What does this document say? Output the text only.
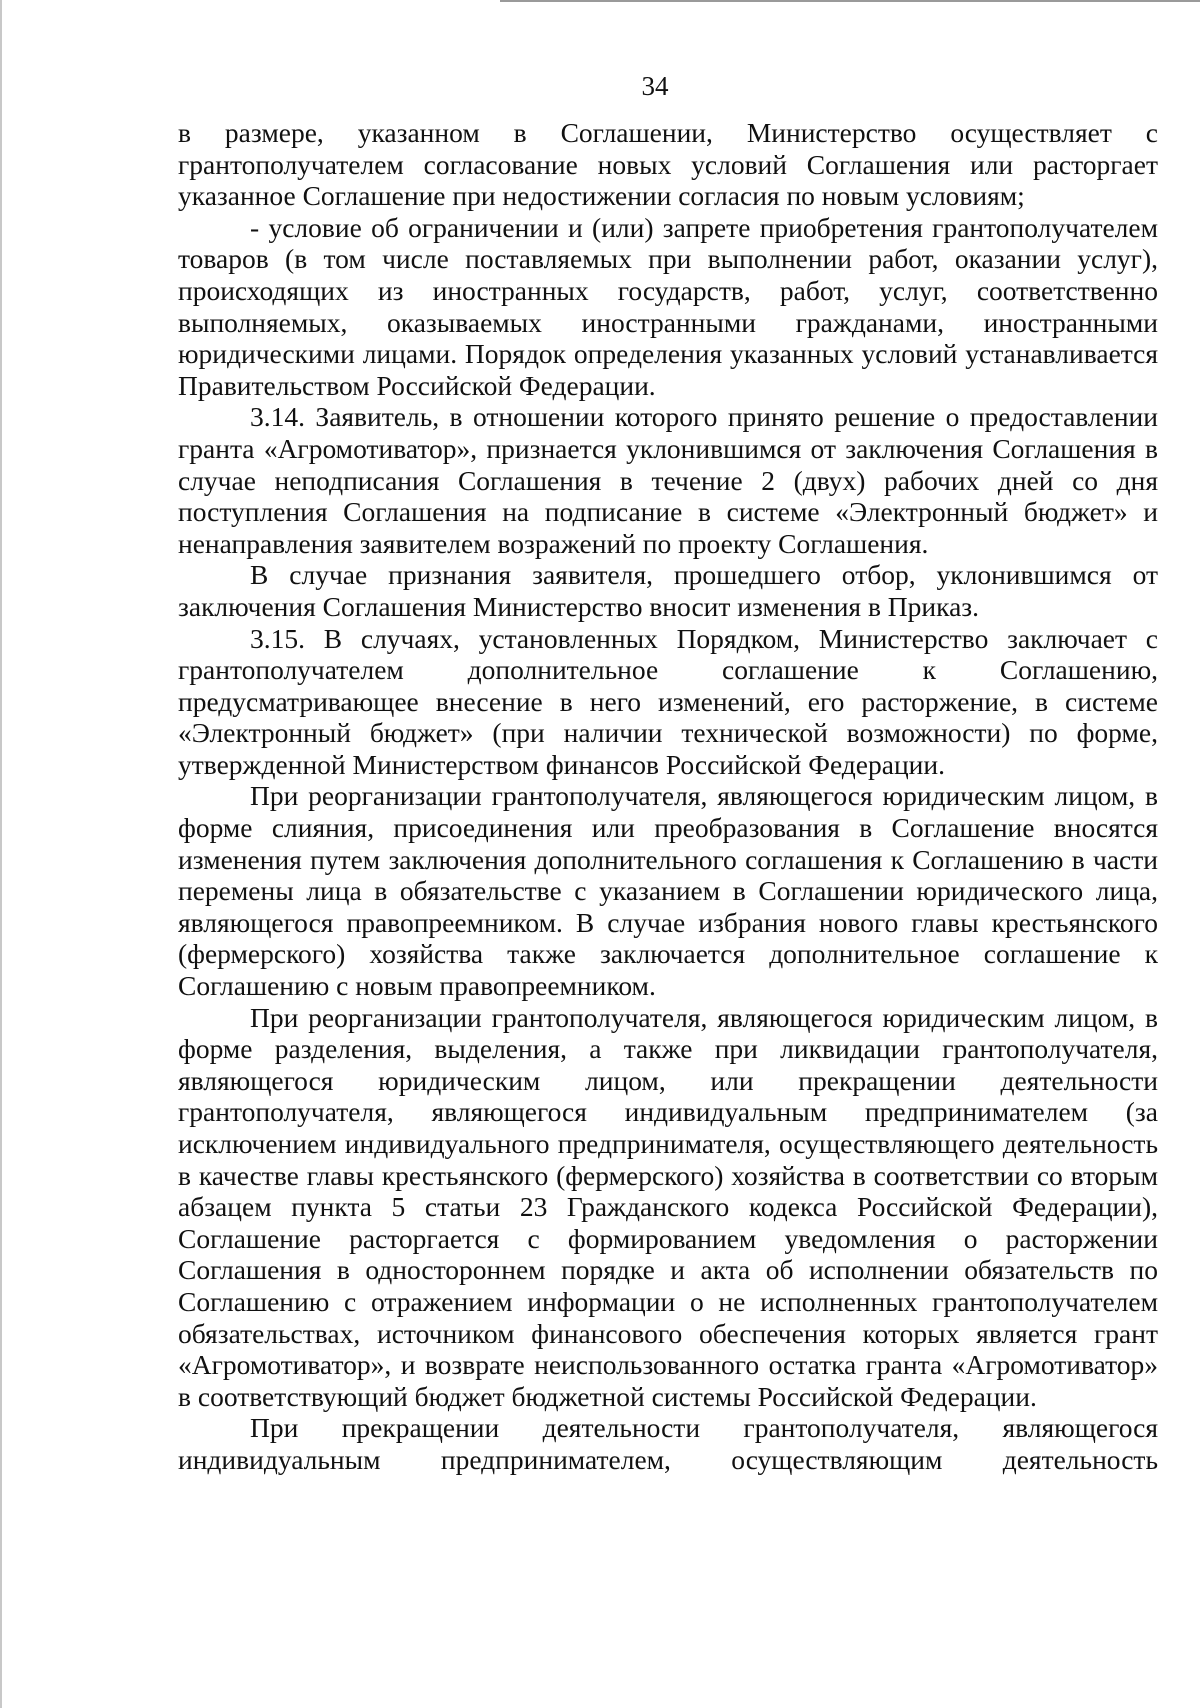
34

в размере, указанном в Соглашении, Министерство осуществляет с грантополучателем согласование новых условий Соглашения или расторгает указанное Соглашение при недостижении согласия по новым условиям;

- условие об ограничении и (или) запрете приобретения грантополучателем товаров (в том числе поставляемых при выполнении работ, оказании услуг), происходящих из иностранных государств, работ, услуг, соответственно выполняемых, оказываемых иностранными гражданами, иностранными юридическими лицами. Порядок определения указанных условий устанавливается Правительством Российской Федерации.

3.14. Заявитель, в отношении которого принято решение о предоставлении гранта «Агромотиватор», признается уклонившимся от заключения Соглашения в случае неподписания Соглашения в течение 2 (двух) рабочих дней со дня поступления Соглашения на подписание в системе «Электронный бюджет» и ненаправления заявителем возражений по проекту Соглашения.

В случае признания заявителя, прошедшего отбор, уклонившимся от заключения Соглашения Министерство вносит изменения в Приказ.

3.15. В случаях, установленных Порядком, Министерство заключает с грантополучателем дополнительное соглашение к Соглашению, предусматривающее внесение в него изменений, его расторжение, в системе «Электронный бюджет» (при наличии технической возможности) по форме, утвержденной Министерством финансов Российской Федерации.

При реорганизации грантополучателя, являющегося юридическим лицом, в форме слияния, присоединения или преобразования в Соглашение вносятся изменения путем заключения дополнительного соглашения к Соглашению в части перемены лица в обязательстве с указанием в Соглашении юридического лица, являющегося правопреемником. В случае избрания нового главы крестьянского (фермерского) хозяйства также заключается дополнительное соглашение к Соглашению с новым правопреемником.

При реорганизации грантополучателя, являющегося юридическим лицом, в форме разделения, выделения, а также при ликвидации грантополучателя, являющегося юридическим лицом, или прекращении деятельности грантополучателя, являющегося индивидуальным предпринимателем (за исключением индивидуального предпринимателя, осуществляющего деятельность в качестве главы крестьянского (фермерского) хозяйства в соответствии со вторым абзацем пункта 5 статьи 23 Гражданского кодекса Российской Федерации), Соглашение расторгается с формированием уведомления о расторжении Соглашения в одностороннем порядке и акта об исполнении обязательств по Соглашению с отражением информации о не исполненных грантополучателем обязательствах, источником финансового обеспечения которых является грант «Агромотиватор», и возврате неиспользованного остатка гранта «Агромотиватор» в соответствующий бюджет бюджетной системы Российской Федерации.

При прекращении деятельности грантополучателя, являющегося индивидуальным предпринимателем, осуществляющим деятельность
